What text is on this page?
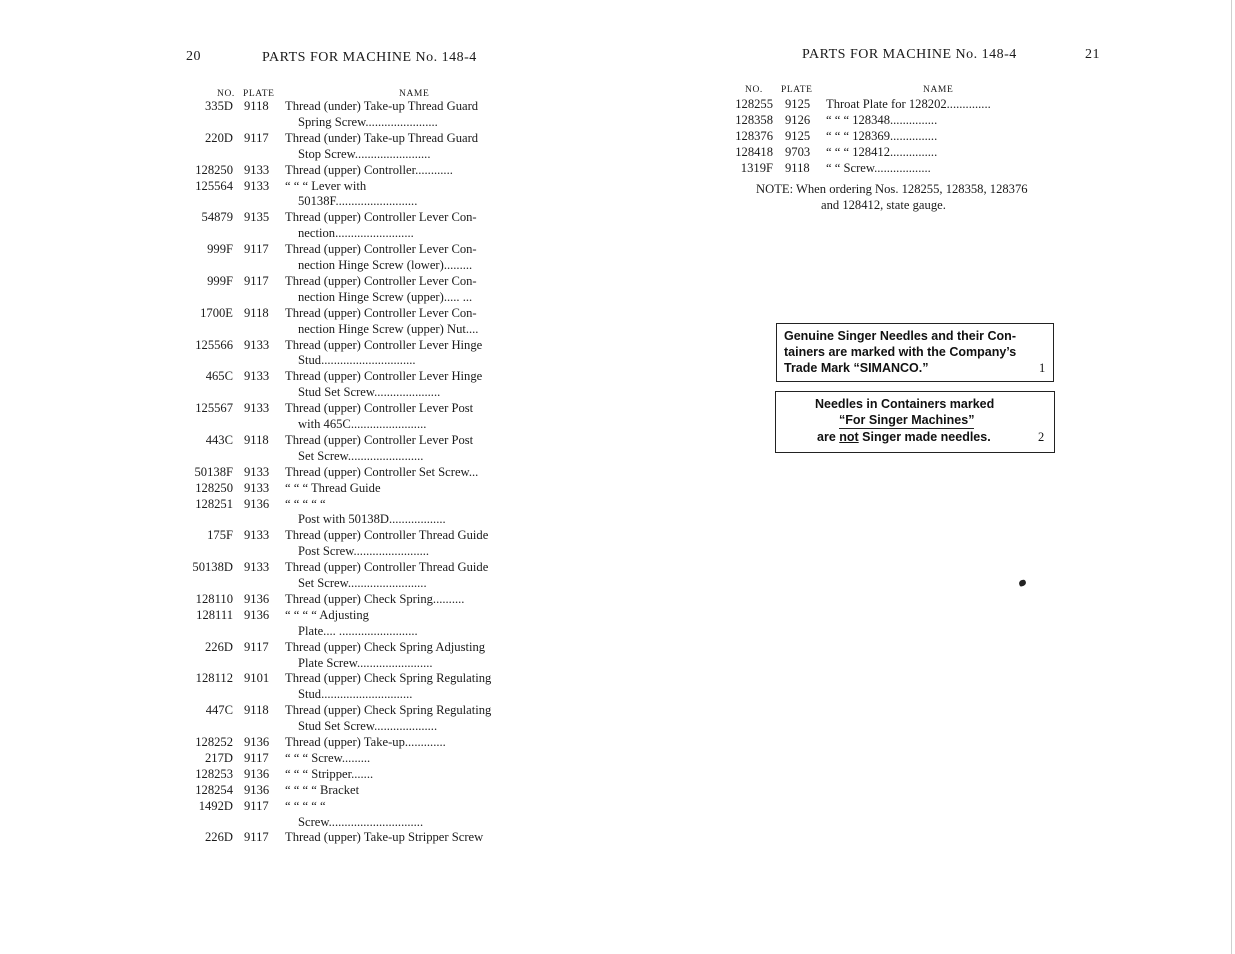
20	PARTS FOR MACHINE No. 148-4
NO. PLATE	NAME
335D 9118 Thread (under) Take-up Thread Guard
Spring Screw.......................
220D 9117 Thread (under) Take-up Thread Guard
Stop Screw........................
128250 9133 Thread (upper) Controller............
125564 9133 “ “ “ Lever with
50138F..........................
54879 9135 Thread (upper) Controller Lever Con-
nection.........................
999F 9117 Thread (upper) Controller Lever Con-
nection Hinge Screw (lower).........
999F 9117 Thread (upper) Controller Lever Con-
nection Hinge Screw (upper)..... ...
1700E 9118 Thread (upper) Controller Lever Con-
nection Hinge Screw (upper) Nut....
125566 9133 Thread (upper) Controller Lever Hinge
Stud..............................
465C 9133 Thread (upper) Controller Lever Hinge
Stud Set Screw.....................
125567 9133 Thread (upper) Controller Lever Post
with 465C........................
443C 9118 Thread (upper) Controller Lever Post
Set Screw........................
50138F 9133 Thread (upper) Controller Set Screw...
128250 9133 “ “ “ Thread Guide
128251 9136 “ “ “ “ “
Post with 50138D..................
175F 9133 Thread (upper) Controller Thread Guide
Post Screw........................
50138D 9133 Thread (upper) Controller Thread Guide
Set Screw.........................
128110 9136 Thread (upper) Check Spring..........
128111 9136 “ “ “ “ Adjusting
Plate.... .........................
226D 9117 Thread (upper) Check Spring Adjusting
Plate Screw........................
128112 9101 Thread (upper) Check Spring Regulating
Stud.............................
447C 9118 Thread (upper) Check Spring Regulating
Stud Set Screw....................
128252 9136 Thread (upper) Take-up.............
217D 9117 “ “ “ Screw.........
128253 9136 “ “ “ Stripper.......
128254 9136 “ “ “ “ Bracket
1492D 9117 “ “ “ “ “
Screw..............................
226D 9117 Thread (upper) Take-up Stripper Screw
PARTS FOR MACHINE No. 148-4	21
NO. PLATE	NAME
128255 9125 Throat Plate for 128202..............
128358 9126 “ “ “ 128348...............
128376 9125 “ “ “ 128369...............
128418 9703 “ “ “ 128412...............
1319F 9118 “ “ Screw..................
NOTE: When ordering Nos. 128255, 128358, 128376
and 128412, state gauge.
Genuine Singer Needles and their Con-
tainers are marked with the Company’s
Trade Mark “SIMANCO.”	1
Needles in Containers marked
“For Singer Machines”
are not Singer made needles.	2
